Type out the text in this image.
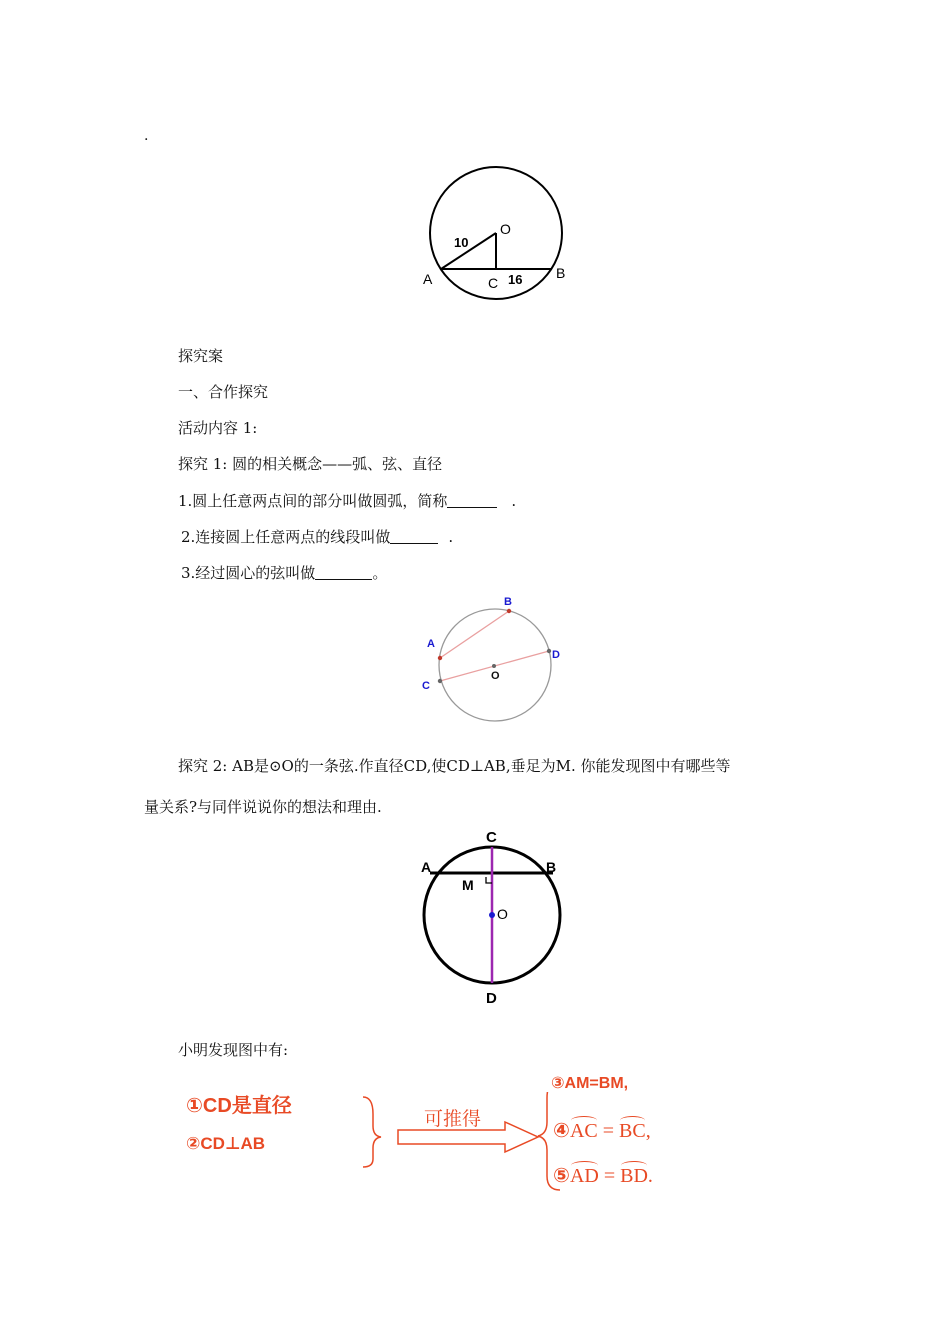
.
O
10
A	B
C 16
探究案
一、合作探究
活动内容 1:
探究 1: 圆的相关概念——弧、弦、直径
1.圆上任意两点间的部分叫做圆弧，简称	.
2.连接圆上任意两点的线段叫做	.
3.经过圆心的弦叫做	。
A
B
C
D
O
探究 2: AB是⊙O的一条弦.作直径CD,使CD⊥AB,垂足为M. 你能发现图中有哪些等
量关系?与同伴说说你的想法和理由.
C
A	B
M
O
D
小明发现图中有:
①CD是直径
②CD⊥AB
可推得
③AM=BM,
④AC = BC,
⑤AD = BD.
